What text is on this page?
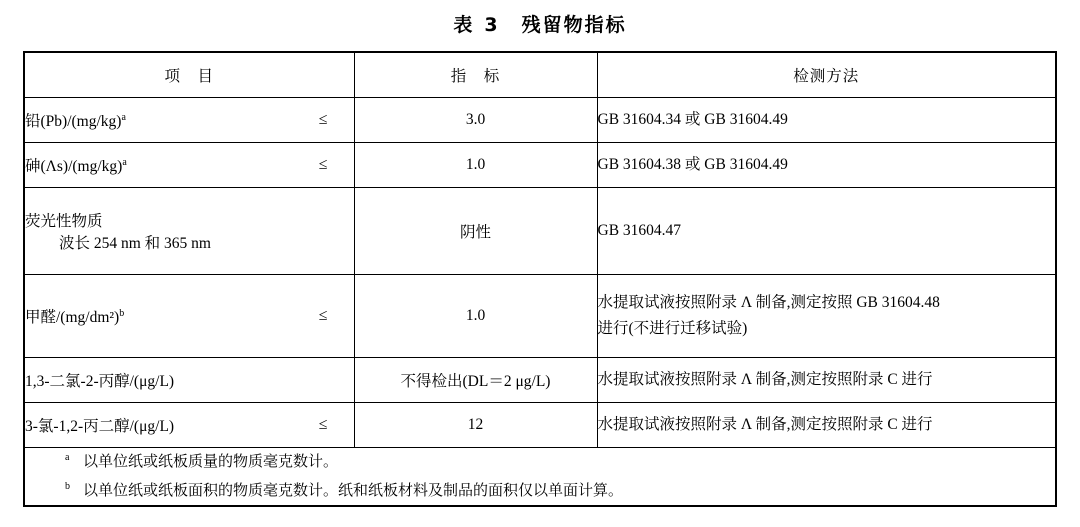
表 3 残留物指标
项　目	指　标	检测方法

铅$(Pb)/(mg/kg)^a$ ≤	3.0	GB 31604.34 或 GB 31604.49

砷$(\Lambda s)/(mg/kg)^a$ ≤	1.0	GB 31604.38 或 GB 31604.49

荧光性物质
波长 254 nm 和 365 nm	阴性	GB 31604.47

甲醛$/(mg/dm^2)^b$ ≤	1.0	水提取试液按照附录 Λ 制备,测定按照 GB 31604.48
进行(不进行迁移试验)

1,3-二氯-2-丙醇/(μg/L)	不得检出(DL＝2 μg/L)	水提取试液按照附录 Λ 制备,测定按照附录 C 进行

3-氯-1,2-丙二醇/(μg/L) ≤	12	水提取试液按照附录 Λ 制备,测定按照附录 C 进行

a 以单位纸或纸板质量的物质毫克数计。
b 以单位纸或纸板面积的物质毫克数计。纸和纸板材料及制品的面积仅以单面计算。		
